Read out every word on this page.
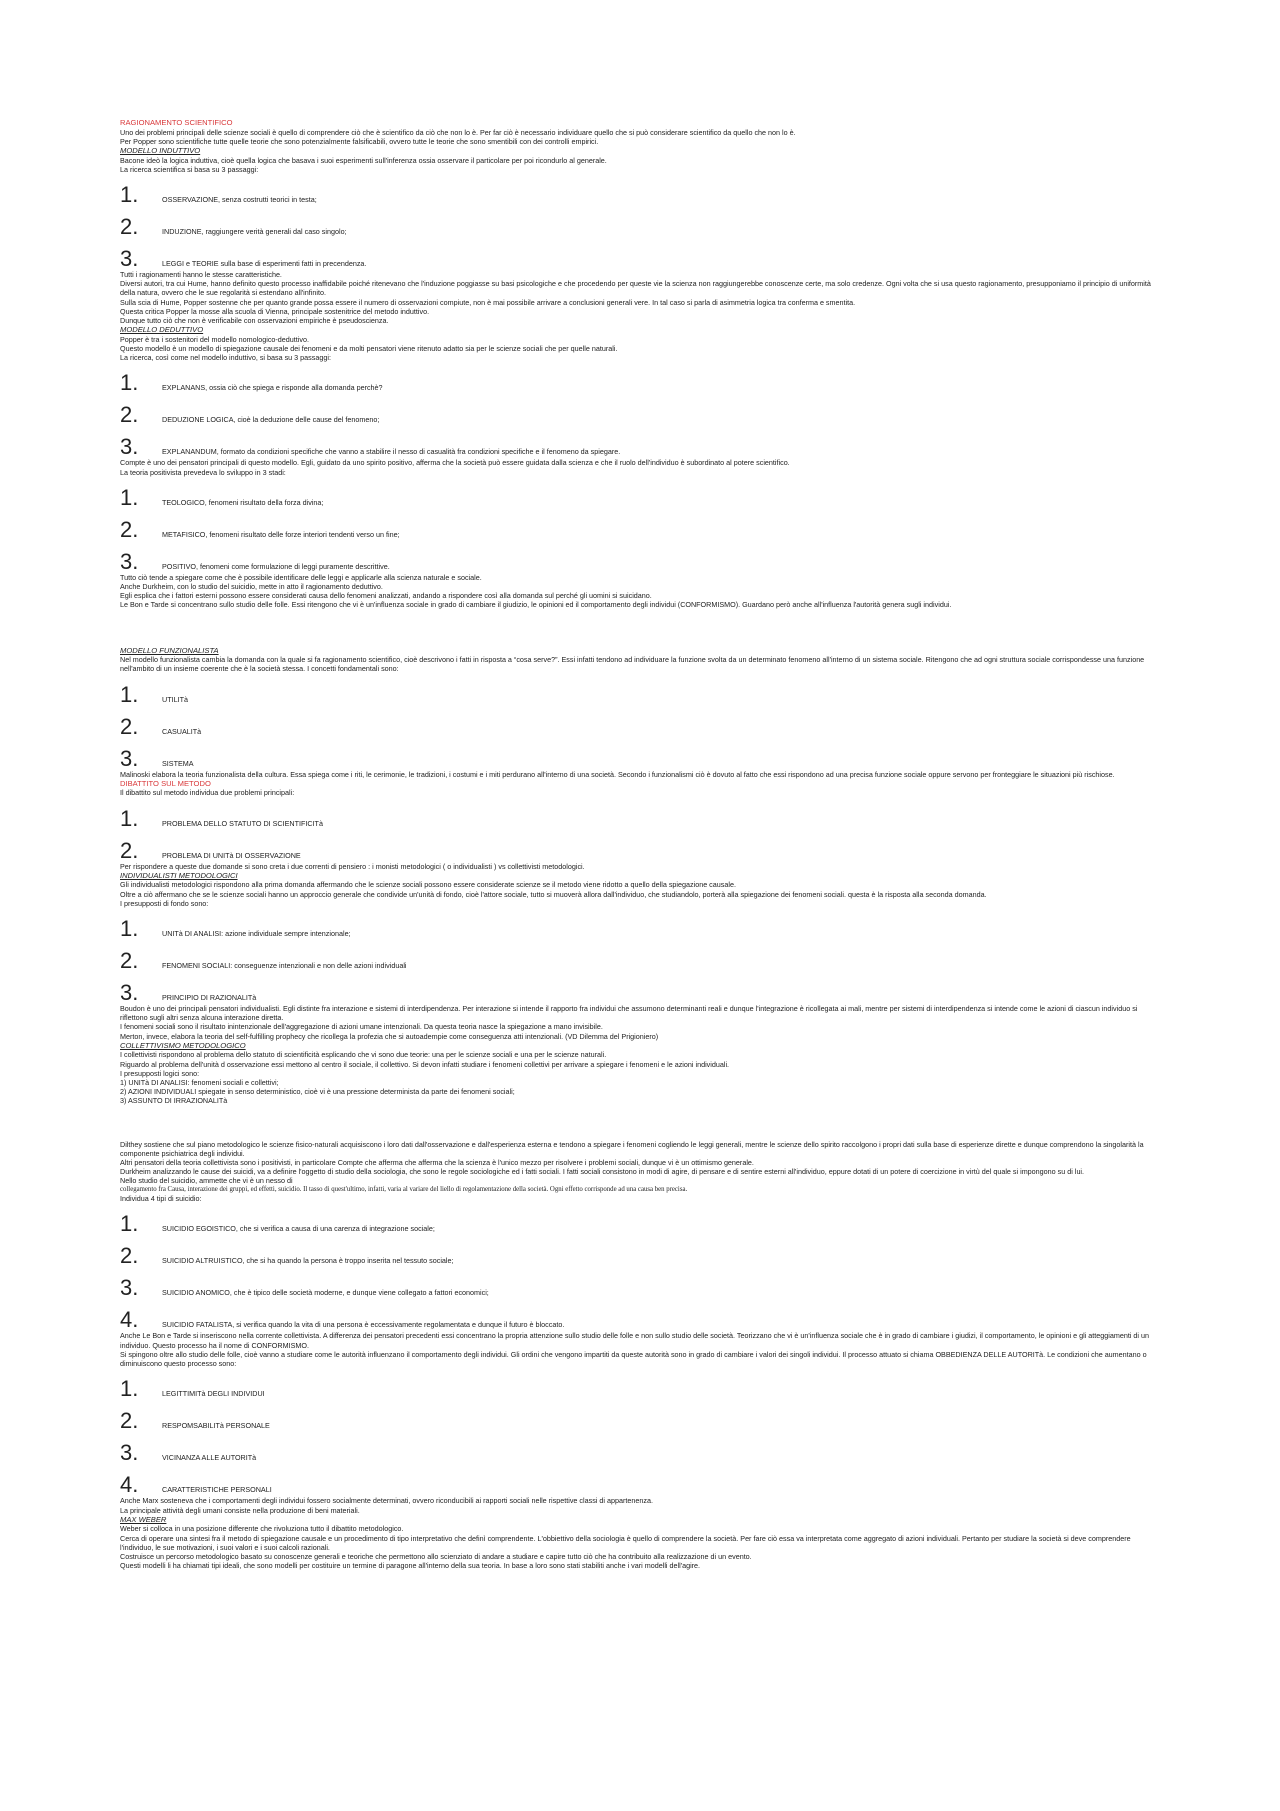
RAGIONAMENTO SCIENTIFICO

Uno dei problemi principali delle scienze sociali è quello di comprendere ciò che è scientifico da ciò che non lo è. Per far ciò è necessario individuare quello che si può considerare scientifico da quello che non lo è.

Per Popper sono scientifiche tutte quelle teorie che sono potenzialmente falsificabili, ovvero tutte le teorie che sono smentibili con dei controlli empirici.

MODELLO INDUTTIVO

Bacone ideò la logica induttiva, cioè quella logica che basava i suoi esperimenti sull'inferenza ossia osservare il particolare per poi ricondurlo al generale.

La ricerca scientifica si basa su 3 passaggi:

1.	OSSERVAZIONE, senza costrutti teorici in testa;
2.	INDUZIONE, raggiungere verità generali dal caso singolo;
3.	LEGGI e TEORIE sulla base di esperimenti fatti in precendenza.

Tutti i ragionamenti hanno le stesse caratteristiche.

Diversi autori, tra cui Hume, hanno definito questo processo inaffidabile poiché ritenevano che l'induzione poggiasse su basi psicologiche e che procedendo per queste vie la scienza non raggiungerebbe conoscenze certe, ma solo credenze. Ogni volta che si usa questo ragionamento, presupponiamo il principio di uniformità della natura, ovvero che le sue regolarità si estendano all'infinito.

Sulla scia di Hume, Popper sostenne che per quanto grande possa essere il numero di osservazioni compiute, non è mai possibile arrivare a conclusioni generali vere. In tal caso si parla di asimmetria logica tra conferma e smentita.

Questa critica Popper la mosse alla scuola di Vienna, principale sostenitrice del metodo induttivo.

Dunque tutto ciò che non è verificabile con osservazioni empiriche è pseudoscienza.

MODELLO DEDUTTIVO

Popper è tra i sostenitori del modello nomologico-deduttivo.

Questo modello è un modello di spiegazione causale dei fenomeni e da molti pensatori viene ritenuto adatto sia per le scienze sociali che per quelle naturali.

La ricerca, così come nel modello induttivo, si basa su 3 passaggi:

1.	EXPLANANS, ossia ciò che spiega e risponde alla domanda perchè?
2.	DEDUZIONE LOGICA, cioè la deduzione delle cause del fenomeno;
3.	EXPLANANDUM, formato da condizioni specifiche che vanno a stabilire il nesso di casualità fra condizioni specifiche e il fenomeno da spiegare.

Compte è uno dei pensatori principali di questo modello. Egli, guidato da uno spirito positivo, afferma che la società può essere guidata dalla scienza e che il ruolo dell'individuo è subordinato al potere scientifico.

La teoria positivista prevedeva lo sviluppo in 3 stadi:

1.	TEOLOGICO, fenomeni risultato della forza divina;
2.	METAFISICO, fenomeni risultato delle forze interiori tendenti verso un fine;
3.	POSITIVO, fenomeni come formulazione di leggi puramente descrittive.

Tutto ciò tende a spiegare come che è possibile identificare delle leggi e applicarle alla scienza naturale e sociale.

Anche Durkheim, con lo studio del suicidio, mette in atto il ragionamento deduttivo.

Egli esplica che i fattori esterni possono essere considerati causa dello fenomeni analizzati, andando a rispondere così alla domanda sul perché gli uomini si suicidano.

Le Bon e Tarde si concentrano sullo studio delle folle. Essi ritengono che vi è un'influenza sociale in grado di cambiare il giudizio, le opinioni ed il comportamento degli individui (CONFORMISMO). Guardano però anche all'influenza l'autorità genera sugli individui.

MODELLO FUNZIONALISTA

Nel modello funzionalista cambia la domanda con la quale si fa ragionamento scientifico, cioè descrivono i fatti in risposta a “cosa serve?”. Essi infatti tendono ad individuare la funzione svolta da un determinato fenomeno all'interno di un sistema sociale. Ritengono che ad ogni struttura sociale corrispondesse una funzione nell'ambito di un insieme coerente che è la società stessa. I concetti fondamentali sono:

1.	UTILITà
2.	CASUALITà
3.	SISTEMA

Malinoski elabora la teoria funzionalista della cultura. Essa spiega come i riti, le cerimonie, le tradizioni, i costumi e i miti perdurano all'interno di una società. Secondo i funzionalismi ciò è dovuto al fatto che essi rispondono ad una precisa funzione sociale oppure servono per fronteggiare le situazioni più rischiose.

DIBATTITO SUL METODO

Il dibattito sul metodo individua due problemi principali:

1.	PROBLEMA DELLO STATUTO DI SCIENTIFICITà
2.	PROBLEMA DI UNITà DI OSSERVAZIONE

Per rispondere a queste due domande si sono creta i due correnti di pensiero : i monisti metodologici ( o individualisti ) vs collettivisti metodologici.

INDIVIDUALISTI METODOLOGICI

Gli individualisti metodologici rispondono alla prima domanda affermando che le scienze sociali possono essere considerate scienze se il metodo viene ridotto a quello della spiegazione causale.

Oltre a ciò affermano che se le scienze sociali hanno un approccio generale che condivide un'unità di fondo, cioè l'attore sociale, tutto si muoverà allora dall'individuo, che studiandolo, porterà alla spiegazione dei fenomeni sociali. questa è la risposta alla seconda domanda.

I presupposti di fondo sono:

1.	UNITà DI ANALISI: azione individuale sempre intenzionale;
2.	FENOMENI SOCIALI: conseguenze intenzionali e non delle azioni individuali
3.	PRINCIPIO DI RAZIONALITà

Boudon è uno dei principali pensatori individualisti. Egli distinte fra interazione e sistemi di interdipendenza. Per interazione si intende il rapporto fra individui che assumono determinanti reali e dunque l'integrazione è ricollegata ai mali, mentre per sistemi di interdipendenza si intende come le azioni di ciascun individuo si riflettono sugli altri senza alcuna interazione diretta.

I fenomeni sociali sono il risultato inintenzionale dell'aggregazione di azioni umane intenzionali. Da questa teoria nasce la spiegazione a mano invisibile.

Merton, invece, elabora la teoria del self-fulfilling prophecy che ricollega la profezia che si autoadempie come conseguenza atti intenzionali. (VD Dilemma del Prigioniero)

COLLETTIVISMO METODOLOGICO

I collettivisti rispondono al problema dello statuto di scientificità esplicando che vi sono due teorie: una per le scienze sociali e una per le scienze naturali.

Riguardo al problema dell'unità d osservazione essi mettono al centro il sociale, il collettivo. Si devon infatti studiare i fenomeni collettivi per arrivare a spiegare i fenomeni e le azioni individuali.

I presupposti logici sono:

1) UNITà DI ANALISI: fenomeni sociali e collettivi;

2) AZIONI INDIVIDUALI spiegate in senso deterministico, cioè vi è una pressione determinista da parte dei fenomeni sociali;

3) ASSUNTO DI IRRAZIONALITà

Dilthey sostiene che sul piano metodologico le scienze fisico-naturali acquisiscono i loro dati dall'osservazione e dall'esperienza esterna e tendono a spiegare i fenomeni cogliendo le leggi generali, mentre le scienze dello spirito raccolgono i propri dati sulla base di esperienze dirette e dunque comprendono la singolarità la componente psichiatrica degli individui.

Altri pensatori della teoria collettivista sono i positivisti, in particolare Compte che afferma che afferma che la scienza è l'unico mezzo per risolvere i problemi sociali, dunque vi è un ottimismo generale.

Durkheim analizzando le cause dei suicidi, va a definire l'oggetto di studio della sociologia, che sono le regole sociologiche ed i fatti sociali. I fatti sociali consistono in modi di agire, di pensare e di sentire esterni all'individuo, eppure dotati di un potere di coercizione in virtù del quale si impongono su di lui.

Nello studio del suicidio, ammette che vi è un nesso di

collegamento fra Causa, interazione dei gruppi, ed effetti, suicidio. Il tasso di quest'ultimo, infatti, varia al variare del liello di regolamentazione della società. Ogni effetto corrisponde ad una causa ben precisa.

Individua 4 tipi di suicidio:

1.	SUICIDIO EGOISTICO, che si verifica a causa di una carenza di integrazione sociale;
2.	SUICIDIO ALTRUISTICO, che si ha quando la persona è troppo inserita nel tessuto sociale;
3.	SUICIDIO ANOMICO, che è tipico delle società moderne, e dunque viene collegato a fattori economici;
4.	SUICIDIO FATALISTA, si verifica quando la vita di una persona è eccessivamente regolamentata e dunque il futuro è bloccato.

Anche Le Bon e Tarde si inseriscono nella corrente collettivista. A differenza dei pensatori precedenti essi concentrano la propria attenzione sullo studio delle folle e non sullo studio delle società. Teorizzano che vi è un'influenza sociale che è in grado di cambiare i giudizi, il comportamento, le opinioni e gli atteggiamenti di un individuo. Questo processo ha il nome di CONFORMISMO.

Si spingono oltre allo studio delle folle, cioè vanno a studiare come le autorità influenzano il comportamento degli individui. Gli ordini che vengono impartiti da queste autorità sono in grado di cambiare i valori dei singoli individui. Il processo attuato si chiama OBBEDIENZA DELLE AUTORITà. Le condizioni che aumentano o diminuiscono questo processo sono:

1.	LEGITTIMITà DEGLI INDIVIDUI
2.	RESPOMSABILITà PERSONALE
3.	VICINANZA ALLE AUTORITà
4.	CARATTERISTICHE PERSONALI

Anche Marx sosteneva che i comportamenti degli individui fossero socialmente determinati, ovvero riconducibili ai rapporti sociali nelle rispettive classi di appartenenza.

La principale attività degli umani consiste nella produzione di beni materiali.

MAX WEBER

Weber si colloca in una posizione differente che rivoluziona tutto il dibattito metodologico.

Cerca di operare una sintesi fra il metodo di spiegazione causale e un procedimento di tipo interpretativo che definì comprendente. L'obbiettivo della sociologia è quello di comprendere la società. Per fare ciò essa va interpretata come aggregato di azioni individuali. Pertanto per studiare la società si deve comprendere l'individuo, le sue motivazioni, i suoi valori e i suoi calcoli razionali.

Costruisce un percorso metodologico basato su conoscenze generali e teoriche che permettono allo scienziato di andare a studiare e capire tutto ciò che ha contribuito alla realizzazione di un evento.

Questi modelli li ha chiamati tipi ideali, che sono modelli per costituire un termine di paragone all'interno della sua teoria. In base a loro sono stati stabiliti anche i vari modelli dell'agire.
